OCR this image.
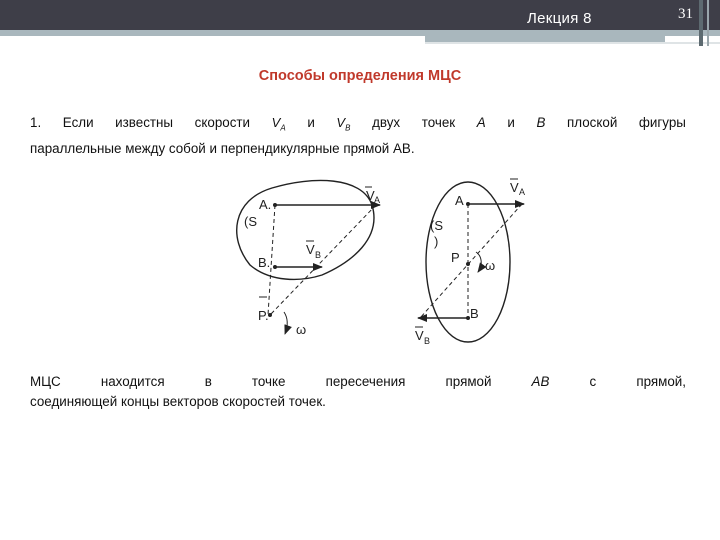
Лекция 8	31
Способы определения МЦС
1. Если известны скорости $V_A$ и $V_B$ двух точек A и B плоской фигуры
параллельные между собой и перпендикулярные прямой AB.
МЦС	находится	в	точке	пересечения	прямой	AB	с	прямой,
соединяющей концы векторов скоростей точек.
V A
A.
(S
V B
B.
P.
ω
V A
A
(S
)
P
ω
B
V B
